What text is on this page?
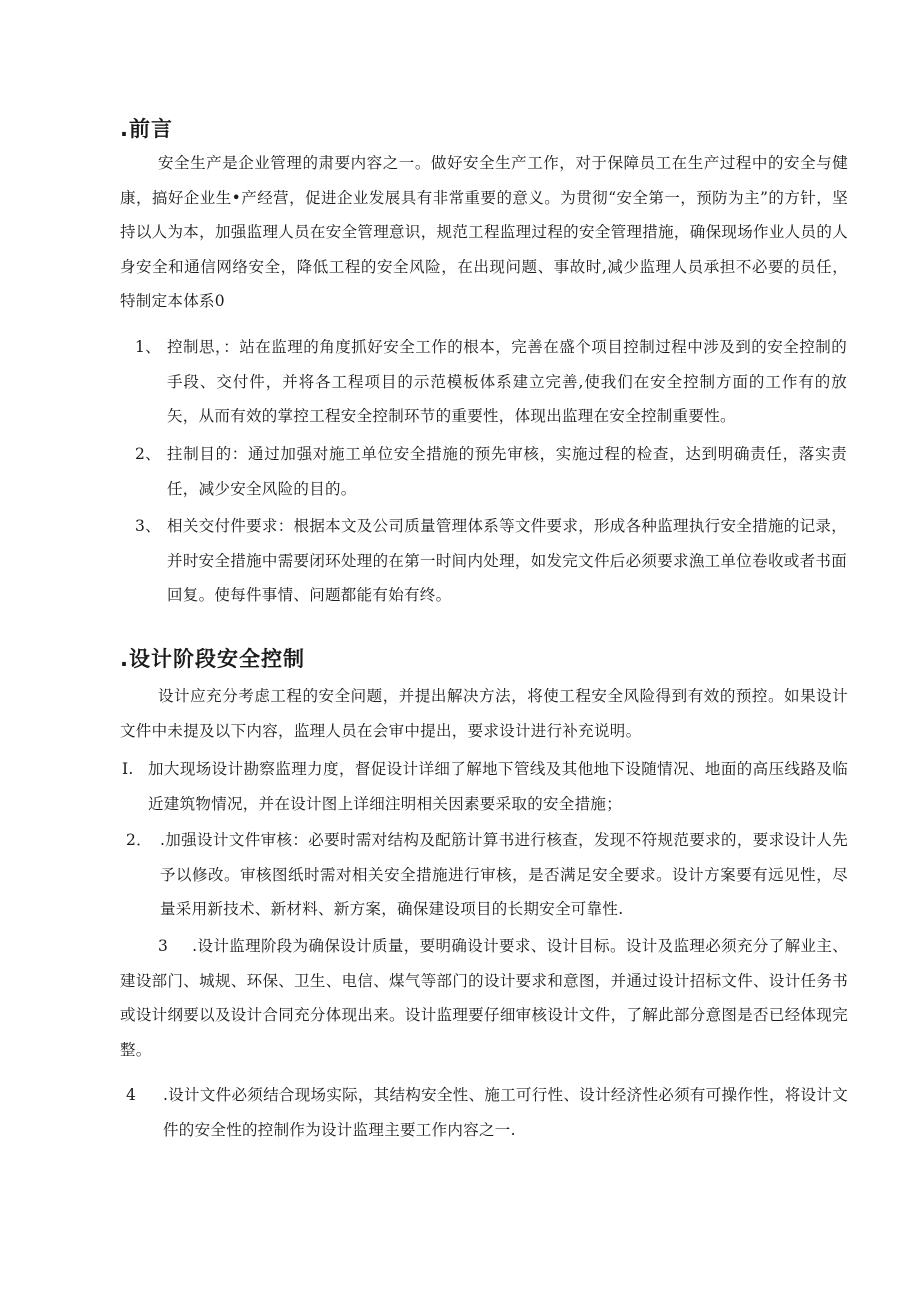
.前言

安全生产是企业管理的肃要内容之一。做好安全生产工作，对于保障员工在生产过程中的安全与健康，搞好企业生•产经营，促进企业发展具有非常重要的意义。为贯彻“安全第一，预防为主”的方针，坚持以人为本，加强监理人员在安全管理意识，规范工程监理过程的安全管理措施，确保现场作业人员的人身安全和通信网络安全，降低工程的安全风险，在出现问题、事故时,减少监理人员承担不必要的员任，特制定本体系0

1、 控制思，：站在监理的角度抓好安全工作的根本，完善在盛个项目控制过程中涉及到的安全控制的手段、交付件，并将各工程项目的示范模板体系建立完善,使我们在安全控制方面的工作有的放矢，从而有效的掌控工程安全控制环节的重要性，体现出监理在安全控制重要性。
2、 拄制目的：通过加强对施工单位安全措施的预先审核，实施过程的检查，达到明确责任，落实责任，减少安全风险的目的。
3、 相关交付件要求：根据本文及公司质量管理体系等文件要求，形成各种监理执行安全措施的记录，并时安全措施中需要闭环处理的在第一时间内处理，如发完文件后必须要求漁工单位卷收或者书面回复。使每件事情、问题都能有始有终。
.设计阶段安全控制

设计应充分考虑工程的安全问题，并提出解决方法，将使工程安全风险得到有效的预控。如果设计文件中未提及以下内容，监理人员在会审中提出，要求设计进行补充说明。

I. 加大现场设计勘察监理力度，督促设计详细了解地下管线及其他地下设随情况、地面的高压线路及临近建筑物情况，并在设计图上详细注明相关因素要采取的安全措施；
2． .加强设计文件审核：必要时需对结构及配筋计算书进行核查，发现不符规范要求的，要求设计人先予以修改。审核图纸时需对相关安全措施进行审核，是否满足安全要求。设计方案要有远见性，尽量采用新技术、新材料、新方案，确保建设项目的长期安全可靠性.
3 .设计监理阶段为确保设计质量，要明确设计要求、设计目标。设计及监理必须充分了解业主、建设部门、城规、环保、卫生、电信、煤气等部门的设计要求和意图，并通过设计招标文件、设计任务书或设计纲要以及设计合同充分体现出来。设计监理要仔细审核设计文件，了解此部分意图是否已经体现完整。
4 .设计文件必须结合现场实际，其结构安全性、施工可行性、设计经济性必须有可操作性，将设计文件的安全性的控制作为设计监理主要工作内容之一.
